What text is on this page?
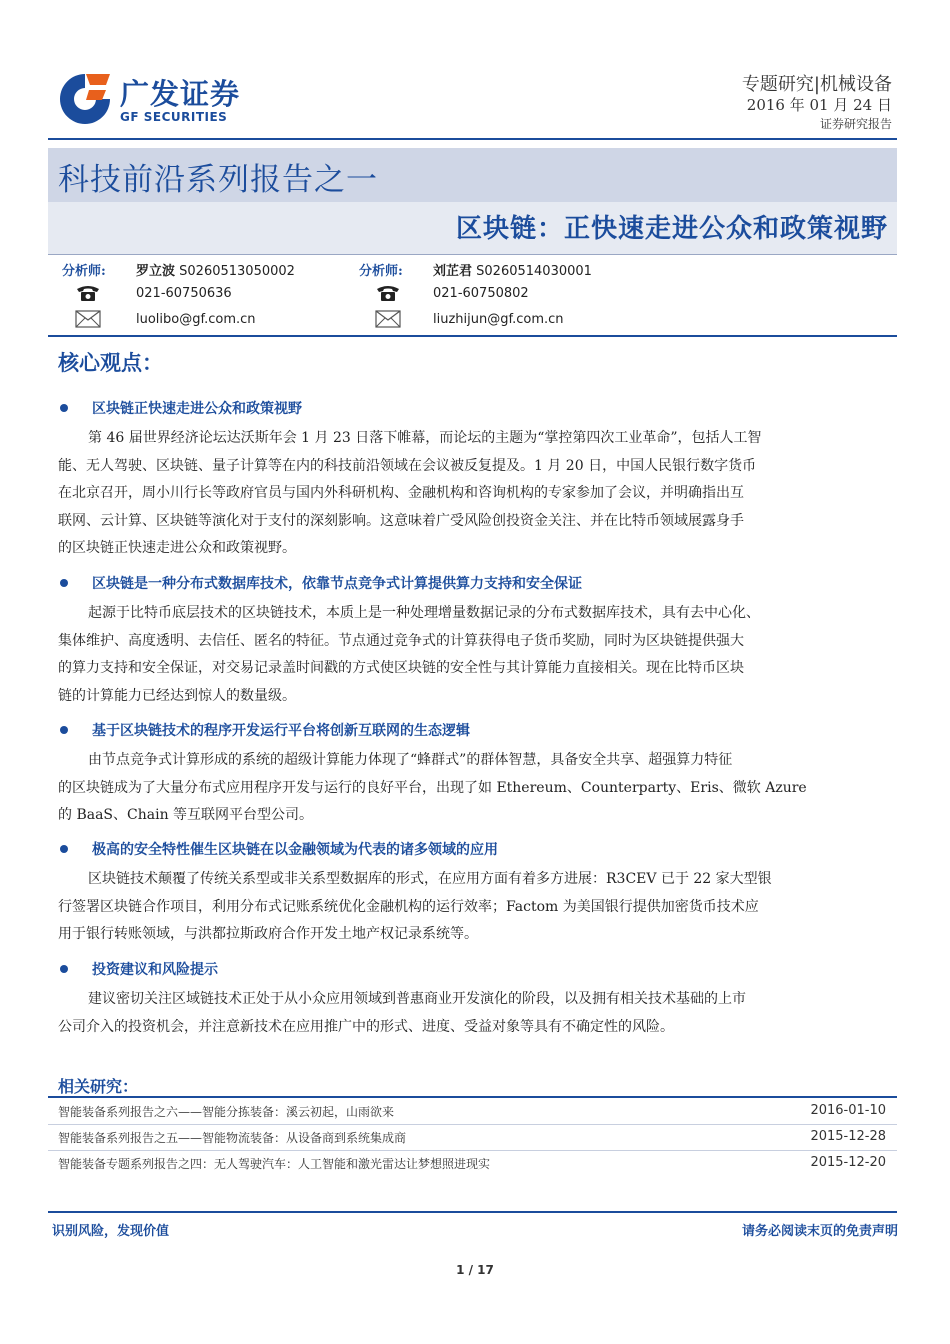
广发证券
GF SECURITIES
专题研究|机械设备
2016 年 01 月 24 日
证券研究报告
科技前沿系列报告之一
区块链：正快速走进公众和政策视野
分析师: 罗立波 S0260513050002
021-60750636
luolibo@gf.com.cn
分析师: 刘芷君 S0260514030001
021-60750802
liuzhijun@gf.com.cn
核心观点：
区块链正快速走进公众和政策视野
第 46 届世界经济论坛达沃斯年会 1 月 23 日落下帷幕，而论坛的主题为“掌控第四次工业革命”，包括人工智
能、无人驾驶、区块链、量子计算等在内的科技前沿领域在会议被反复提及。1 月 20 日，中国人民银行数字货币
在北京召开，周小川行长等政府官员与国内外科研机构、金融机构和咨询机构的专家参加了会议，并明确指出互
联网、云计算、区块链等演化对于支付的深刻影响。这意味着广受风险创投资金关注、并在比特币领域展露身手
的区块链正快速走进公众和政策视野。
区块链是一种分布式数据库技术，依靠节点竞争式计算提供算力支持和安全保证
起源于比特币底层技术的区块链技术，本质上是一种处理增量数据记录的分布式数据库技术，具有去中心化、
集体维护、高度透明、去信任、匿名的特征。节点通过竞争式的计算获得电子货币奖励，同时为区块链提供强大
的算力支持和安全保证，对交易记录盖时间戳的方式使区块链的安全性与其计算能力直接相关。现在比特币区块
链的计算能力已经达到惊人的数量级。
基于区块链技术的程序开发运行平台将创新互联网的生态逻辑
由节点竞争式计算形成的系统的超级计算能力体现了“蜂群式”的群体智慧，具备安全共享、超强算力特征
的区块链成为了大量分布式应用程序开发与运行的良好平台，出现了如 Ethereum、Counterparty、Eris、微软 Azure
的 BaaS、Chain 等互联网平台型公司。
极高的安全特性催生区块链在以金融领域为代表的诸多领域的应用
区块链技术颠覆了传统关系型或非关系型数据库的形式，在应用方面有着多方进展：R3CEV 已于 22 家大型银
行签署区块链合作项目，利用分布式记账系统优化金融机构的运行效率；Factom 为美国银行提供加密货币技术应
用于银行转账领域，与洪都拉斯政府合作开发土地产权记录系统等。
投资建议和风险提示
建议密切关注区域链技术正处于从小众应用领域到普惠商业开发演化的阶段，以及拥有相关技术基础的上市
公司介入的投资机会，并注意新技术在应用推广中的形式、进度、受益对象等具有不确定性的风险。
相关研究：
智能装备系列报告之六——智能分拣装备：溪云初起，山雨欲来	2016-01-10
智能装备系列报告之五——智能物流装备：从设备商到系统集成商	2015-12-28
智能装备专题系列报告之四：无人驾驶汽车：人工智能和激光雷达让梦想照进现实	2015-12-20
识别风险，发现价值	请务必阅读末页的免责声明
1 / 17
